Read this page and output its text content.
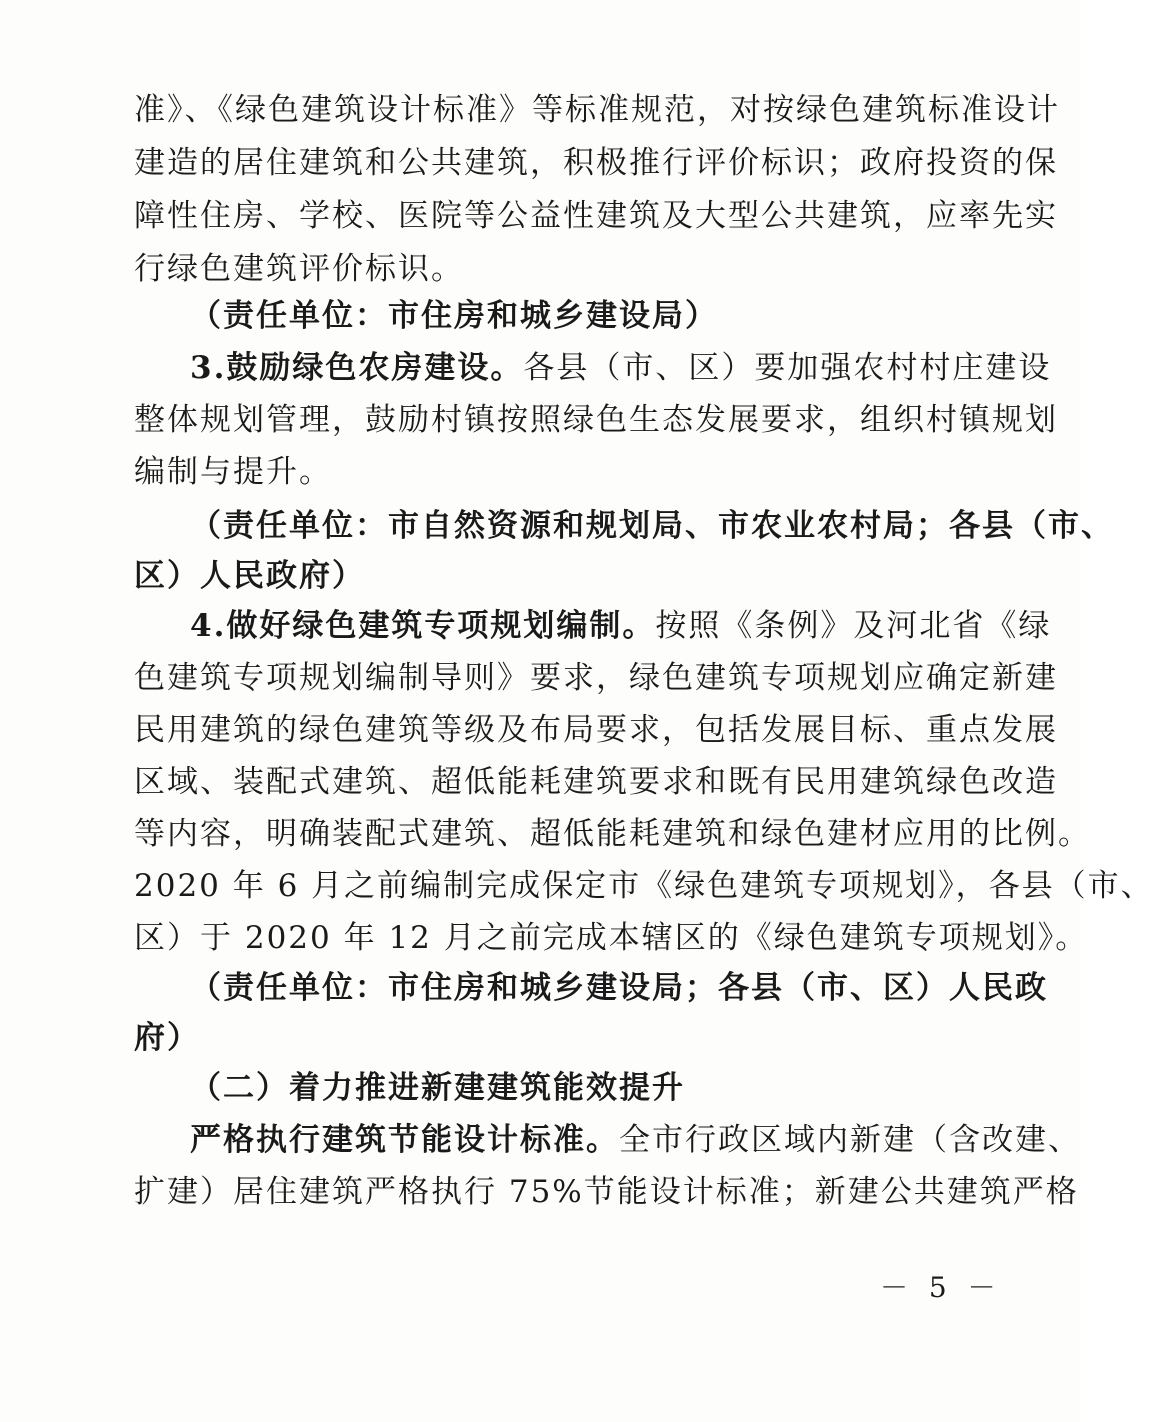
准》、《绿色建筑设计标准》等标准规范，对按绿色建筑标准设计
建造的居住建筑和公共建筑，积极推行评价标识；政府投资的保
障性住房、学校、医院等公益性建筑及大型公共建筑，应率先实
行绿色建筑评价标识。
（责任单位：市住房和城乡建设局）
3.鼓励绿色农房建设。各县（市、区）要加强农村村庄建设
整体规划管理，鼓励村镇按照绿色生态发展要求，组织村镇规划
编制与提升。
（责任单位：市自然资源和规划局、市农业农村局；各县（市、
区）人民政府）
4.做好绿色建筑专项规划编制。按照《条例》及河北省《绿
色建筑专项规划编制导则》要求，绿色建筑专项规划应确定新建
民用建筑的绿色建筑等级及布局要求，包括发展目标、重点发展
区域、装配式建筑、超低能耗建筑要求和既有民用建筑绿色改造
等内容，明确装配式建筑、超低能耗建筑和绿色建材应用的比例。
2020 年 6 月之前编制完成保定市《绿色建筑专项规划》，各县（市、
区）于 2020 年 12 月之前完成本辖区的《绿色建筑专项规划》。
（责任单位：市住房和城乡建设局；各县（市、区）人民政
府）
（二）着力推进新建建筑能效提升
严格执行建筑节能设计标准。全市行政区域内新建（含改建、
扩建）居住建筑严格执行 75%节能设计标准；新建公共建筑严格
－ 5 －
